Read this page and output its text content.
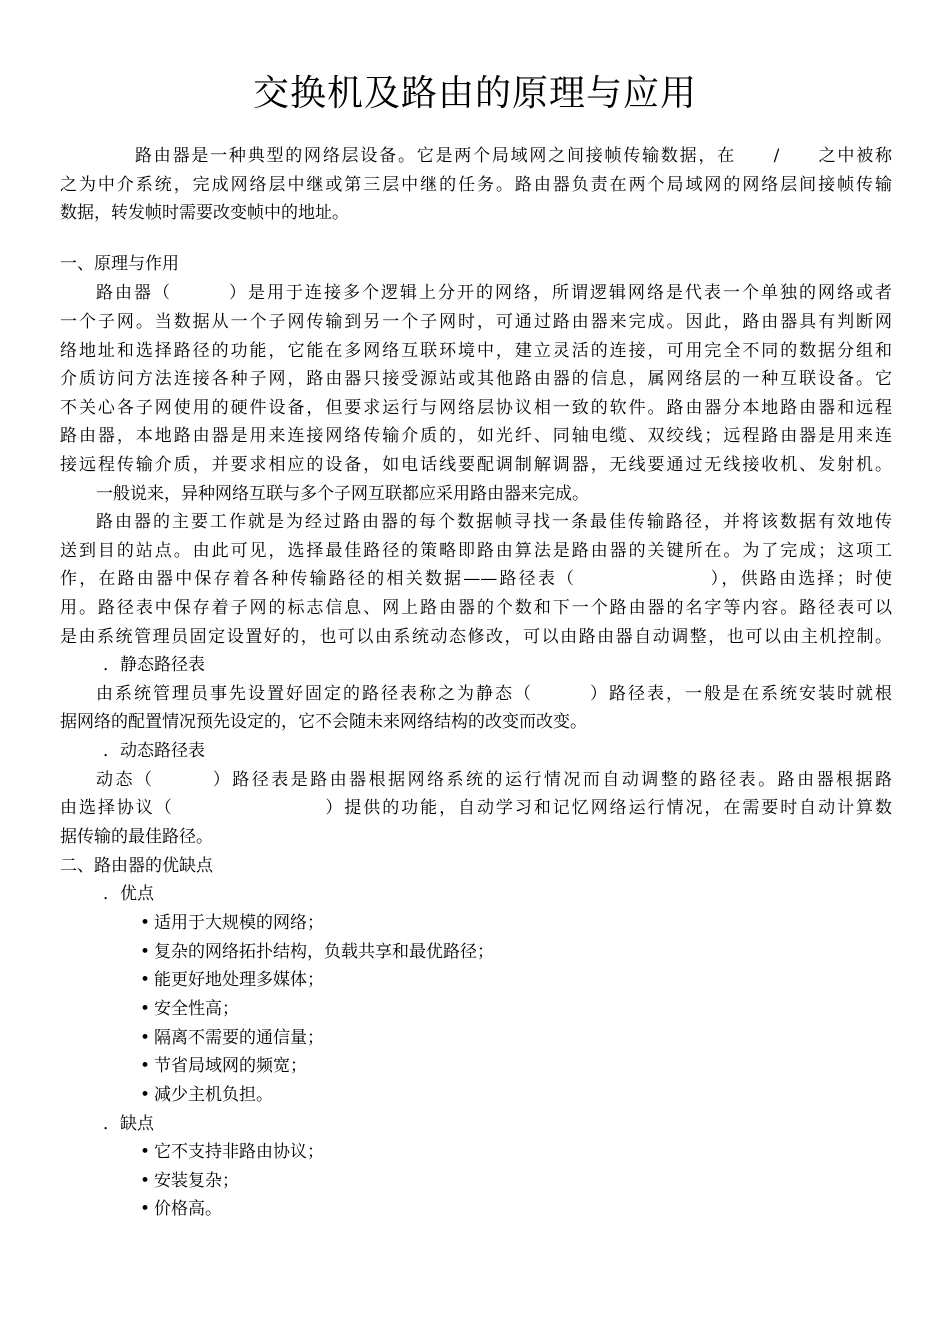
交换机及路由的原理与应用
路由器是一种典型的网络层设备。它是两个局域网之间接帧传输数据，在　　/　　之中被称
之为中介系统，完成网络层中继或第三层中继的任务。路由器负责在两个局域网的网络层间接帧传输
数据，转发帧时需要改变帧中的地址。
一、原理与作用
路由器（　　　）是用于连接多个逻辑上分开的网络，所谓逻辑网络是代表一个单独的网络或者
一个子网。当数据从一个子网传输到另一个子网时，可通过路由器来完成。因此，路由器具有判断网
络地址和选择路径的功能，它能在多网络互联环境中，建立灵活的连接，可用完全不同的数据分组和
介质访问方法连接各种子网，路由器只接受源站或其他路由器的信息，属网络层的一种互联设备。它
不关心各子网使用的硬件设备，但要求运行与网络层协议相一致的软件。路由器分本地路由器和远程
路由器，本地路由器是用来连接网络传输介质的，如光纤、同轴电缆、双绞线；远程路由器是用来连
接远程传输介质，并要求相应的设备，如电话线要配调制解调器，无线要通过无线接收机、发射机。
一般说来，异种网络互联与多个子网互联都应采用路由器来完成。
路由器的主要工作就是为经过路由器的每个数据帧寻找一条最佳传输路径，并将该数据有效地传
送到目的站点。由此可见，选择最佳路径的策略即路由算法是路由器的关键所在。为了完成；这项工
作，在路由器中保存着各种传输路径的相关数据——路径表（　　　　　　　），供路由选择；时使
用。路径表中保存着子网的标志信息、网上路由器的个数和下一个路由器的名字等内容。路径表可以
是由系统管理员固定设置好的，也可以由系统动态修改，可以由路由器自动调整，也可以由主机控制。
．静态路径表
由系统管理员事先设置好固定的路径表称之为静态（　　　）路径表，一般是在系统安装时就根
据网络的配置情况预先设定的，它不会随未来网络结构的改变而改变。
．动态路径表
动态（　　　）路径表是路由器根据网络系统的运行情况而自动调整的路径表。路由器根据路
由选择协议（　　　　　　　　）提供的功能，自动学习和记忆网络运行情况，在需要时自动计算数
据传输的最佳路径。
二、路由器的优缺点
．优点
• 适用于大规模的网络；
• 复杂的网络拓扑结构，负载共享和最优路径；
• 能更好地处理多媒体；
• 安全性高；
• 隔离不需要的通信量；
• 节省局域网的频宽；
• 减少主机负担。
．缺点
• 它不支持非路由协议；
• 安装复杂；
• 价格高。
